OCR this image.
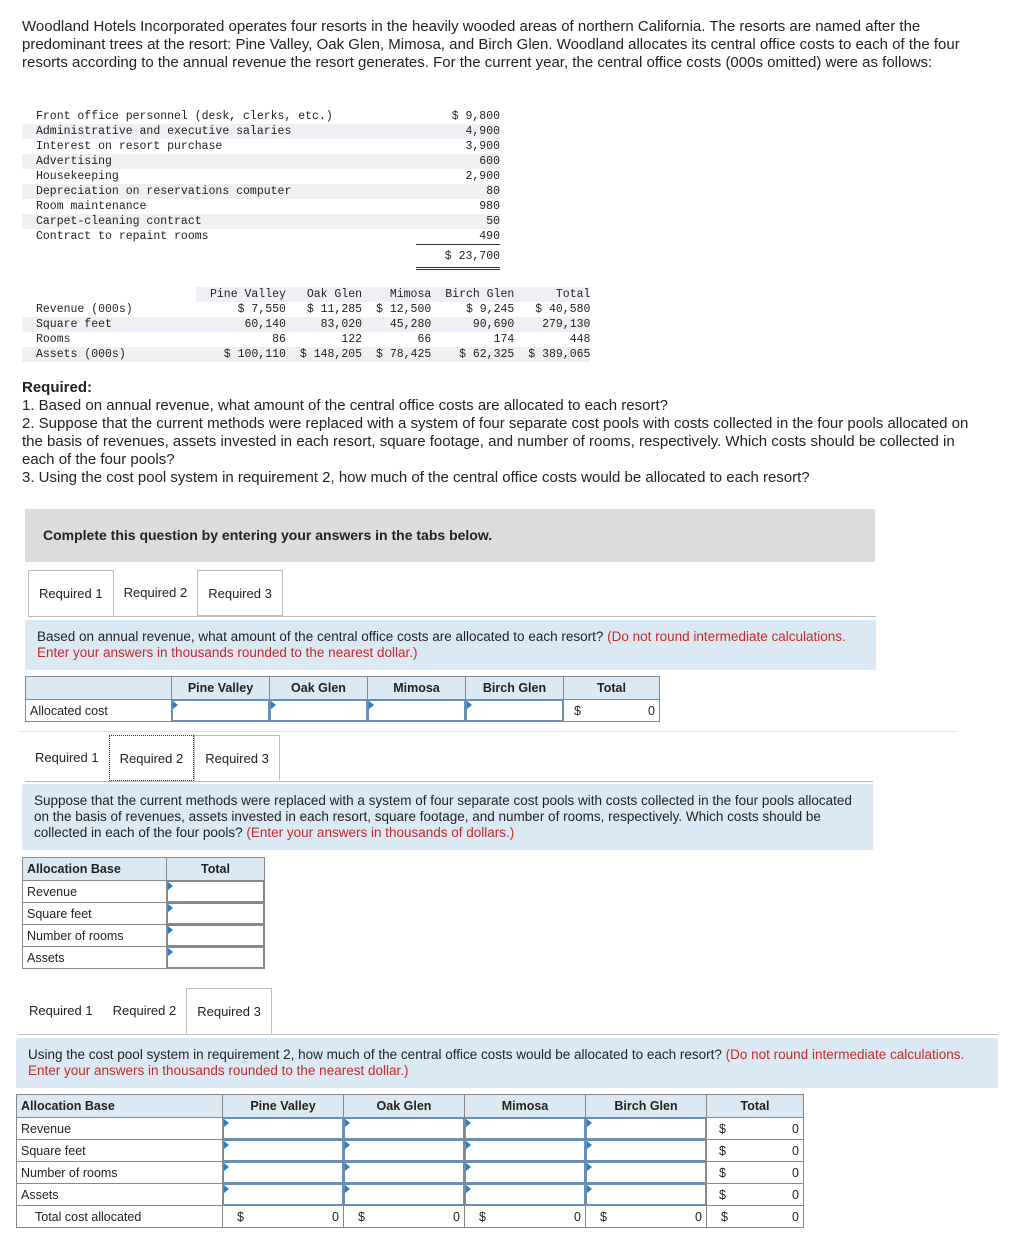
Woodland Hotels Incorporated operates four resorts in the heavily wooded areas of northern California. The resorts are named after the predominant trees at the resort: Pine Valley, Oak Glen, Mimosa, and Birch Glen. Woodland allocates its central office costs to each of the four resorts according to the annual revenue the resort generates. For the current year, the central office costs (000s omitted) were as follows:
Front office personnel (desk, clerks, etc.)	$ 9,800	
Administrative and executive salaries	4,900	
Interest on resort purchase	3,900	
Advertising	600	
Housekeeping	2,900	
Depreciation on reservations computer	80	
Room maintenance	980	
Carpet-cleaning contract	50	
Contract to repaint rooms	490	
	$ 23,700	
	Pine Valley	Oak Glen	Mimosa	Birch Glen	Total
Revenue (000s)	$ 7,550	$ 11,285	$ 12,500	$ 9,245	$ 40,580
Square feet	60,140	83,020	45,280	90,690	279,130
Rooms	86	122	66	174	448
Assets (000s)	$ 100,110	$ 148,205	$ 78,425	$ 62,325	$ 389,065
Required:
1. Based on annual revenue, what amount of the central office costs are allocated to each resort?
2. Suppose that the current methods were replaced with a system of four separate cost pools with costs collected in the four pools allocated on the basis of revenues, assets invested in each resort, square footage, and number of rooms, respectively. Which costs should be collected in each of the four pools?
3. Using the cost pool system in requirement 2, how much of the central office costs would be allocated to each resort?
Complete this question by entering your answers in the tabs below.
Required 1	Required 2	Required 3
Based on annual revenue, what amount of the central office costs are allocated to each resort? (Do not round intermediate calculations. Enter your answers in thousands rounded to the nearest dollar.)
	Pine Valley	Oak Glen	Mimosa	Birch Glen	Total
Allocated cost					$ 0
Required 1	Required 2	Required 3
Suppose that the current methods were replaced with a system of four separate cost pools with costs collected in the four pools allocated on the basis of revenues, assets invested in each resort, square footage, and number of rooms, respectively. Which costs should be collected in each of the four pools? (Enter your answers in thousands of dollars.)
Allocation Base	Total
Revenue	

Square feet	

Number of rooms	

Assets	
Required 1	Required 2	Required 3
Using the cost pool system in requirement 2, how much of the central office costs would be allocated to each resort? (Do not round intermediate calculations. Enter your answers in thousands rounded to the nearest dollar.)
Allocation Base	Pine Valley	Oak Glen	Mimosa	Birch Glen	Total
Revenue					$ 0

Square feet					$ 0

Number of rooms					$ 0

Assets					$ 0

Total cost allocated	$ 0	$ 0	$ 0	$ 0	$ 0
